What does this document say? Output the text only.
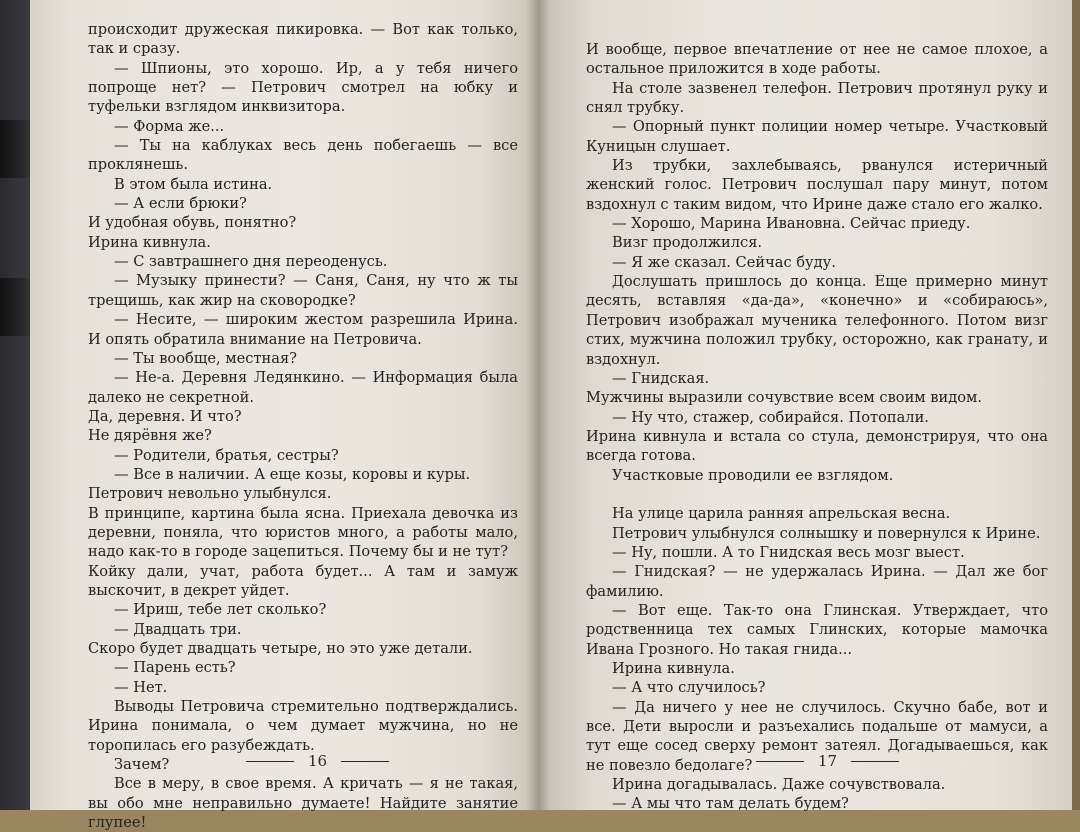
происходит дружеская пикировка. — Вот как только, так и сразу.

— Шпионы, это хорошо. Ир, а у тебя ничего попроще нет? — Петрович смотрел на юбку и туфельки взглядом инквизитора.

— Форма же...

— Ты на каблуках весь день побегаешь — все проклянешь.

В этом была истина.

— А если брюки?

И удобная обувь, понятно?

Ирина кивнула.

— С завтрашнего дня переоденусь.

— Музыку принести? — Саня, Саня, ну что ж ты трещишь, как жир на сковородке?

— Несите, — широким жестом разрешила Ирина. И опять обратила внимание на Петровича.

— Ты вообще, местная?

— Не-а. Деревня Ледянкино. — Информация была далеко не секретной.

Да, деревня. И что?

Не дярёвня же?

— Родители, братья, сестры?

— Все в наличии. А еще козы, коровы и куры.

Петрович невольно улыбнулся.

В принципе, картина была ясна. Приехала девочка из деревни, поняла, что юристов много, а работы мало, надо как-то в городе зацепиться. Почему бы и не тут?

Койку дали, учат, работа будет... А там и замуж выскочит, в декрет уйдет.

— Ириш, тебе лет сколько?

— Двадцать три.

Скоро будет двадцать четыре, но это уже детали.

— Парень есть?

— Нет.

Выводы Петровича стремительно подтверждались. Ирина понимала, о чем думает мужчина, но не торопилась его разубеждать.

Зачем?

Все в меру, в свое время. А кричать — я не такая, вы обо мне неправильно думаете! Найдите занятие глупее!

16

И вообще, первое впечатление от нее не самое плохое, а остальное приложится в ходе работы.

На столе зазвенел телефон. Петрович протянул руку и снял трубку.

— Опорный пункт полиции номер четыре. Участковый Куницын слушает.

Из трубки, захлебываясь, рванулся истеричный женский голос. Петрович послушал пару минут, потом вздохнул с таким видом, что Ирине даже стало его жалко.

— Хорошо, Марина Ивановна. Сейчас приеду.

Визг продолжился.

— Я же сказал. Сейчас буду.

Дослушать пришлось до конца. Еще примерно минут десять, вставляя «да-да», «конечно» и «собираюсь», Петрович изображал мученика телефонного. Потом визг стих, мужчина положил трубку, осторожно, как гранату, и вздохнул.

— Гнидская.

Мужчины выразили сочувствие всем своим видом.

— Ну что, стажер, собирайся. Потопали.

Ирина кивнула и встала со стула, демонстрируя, что она всегда готова.

Участковые проводили ее взглядом.

На улице царила ранняя апрельская весна.

Петрович улыбнулся солнышку и повернулся к Ирине.

— Ну, пошли. А то Гнидская весь мозг выест.

— Гнидская? — не удержалась Ирина. — Дал же бог фамилию.

— Вот еще. Так-то она Глинская. Утверждает, что родственница тех самых Глинских, которые мамочка Ивана Грозного. Но такая гнида...

Ирина кивнула.

— А что случилось?

— Да ничего у нее не случилось. Скучно бабе, вот и все. Дети выросли и разъехались подальше от мамуси, а тут еще сосед сверху ремонт затеял. Догадываешься, как не повезло бедолаге?

Ирина догадывалась. Даже сочувствовала.

— А мы что там делать будем?

17
